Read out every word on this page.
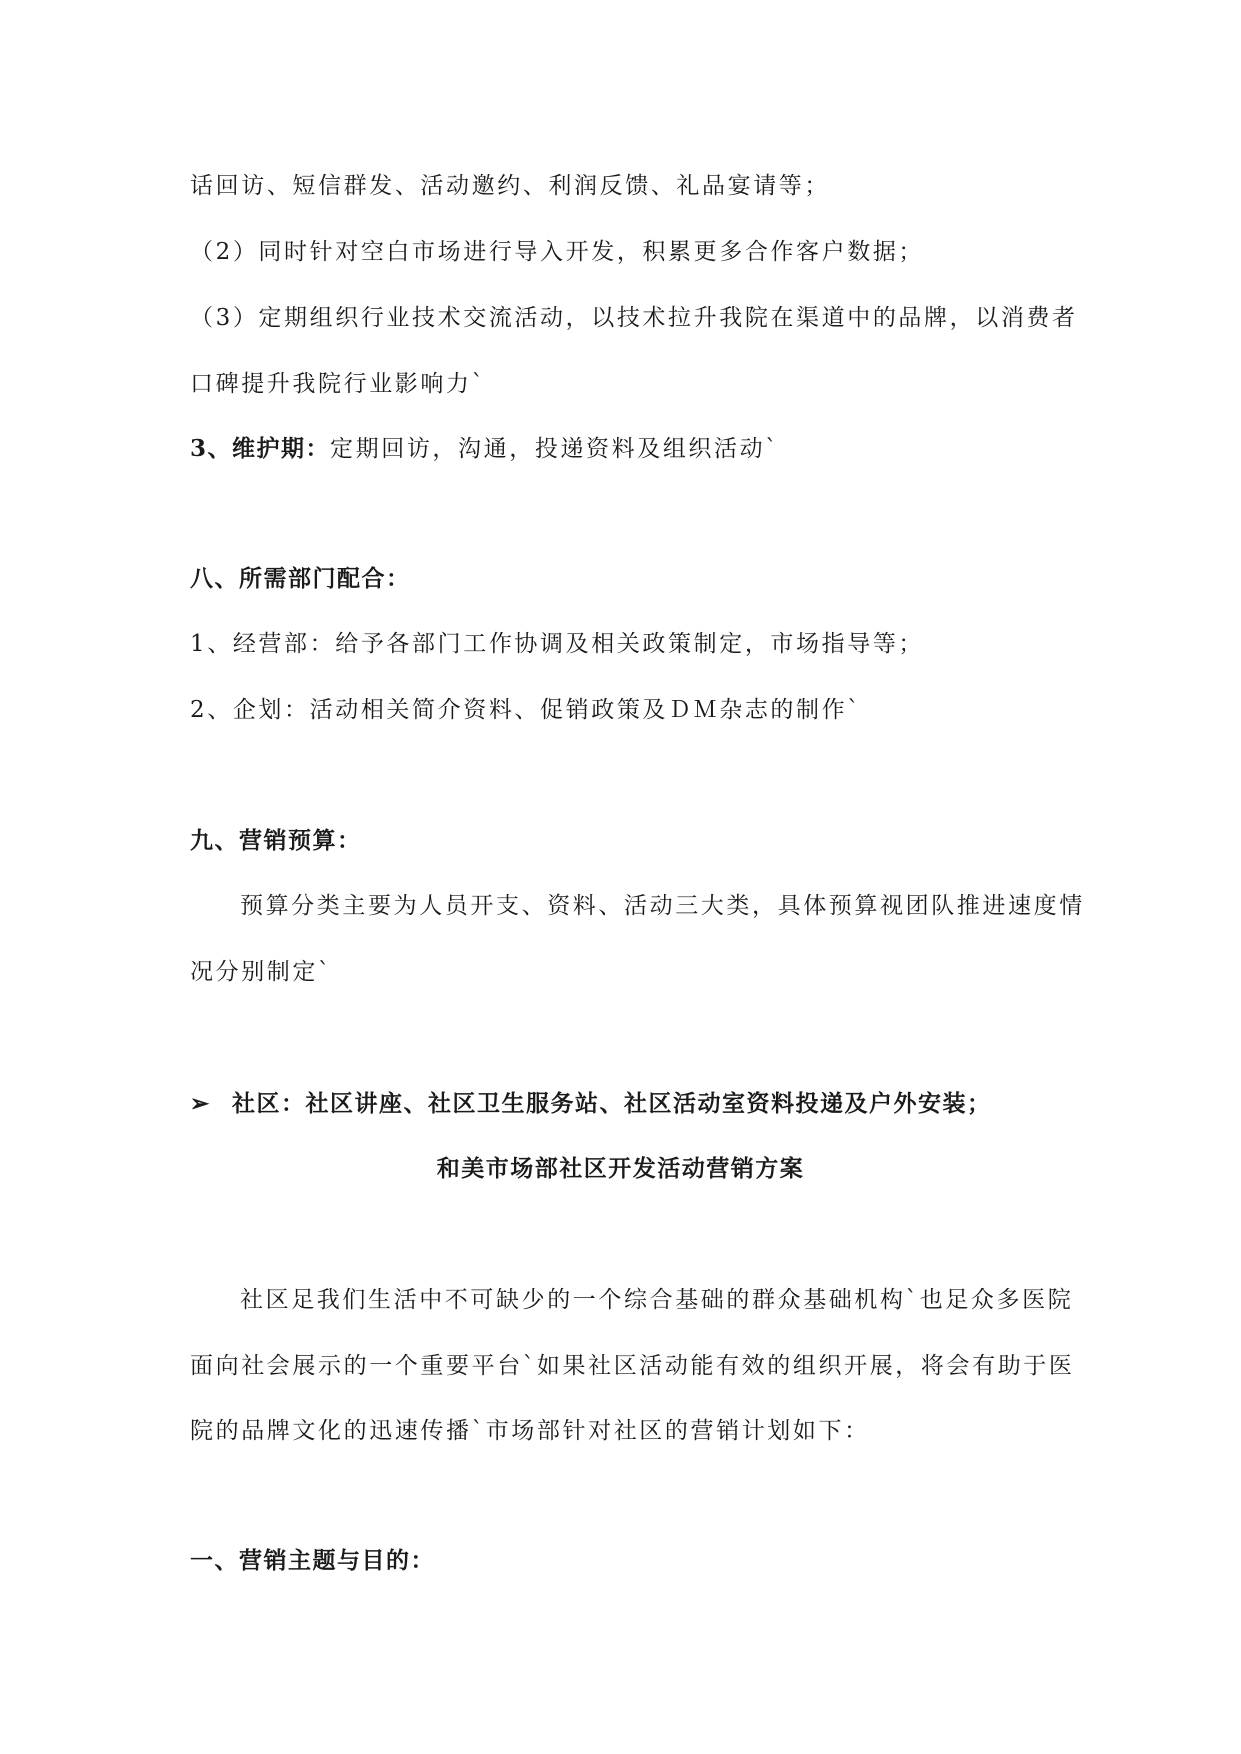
话回访、短信群发、活动邀约、利润反馈、礼品宴请等；
（2）同时针对空白市场进行导入开发，积累更多合作客户数据；
（3）定期组织行业技术交流活动，以技术拉升我院在渠道中的品牌，以消费者
口碑提升我院行业影响力`
3、维护期：定期回访，沟通，投递资料及组织活动`
八、所需部门配合：
1、经营部：给予各部门工作协调及相关政策制定，市场指导等；
2、企划：活动相关简介资料、促销政策及ＤＭ杂志的制作`
九、营销预算：
预算分类主要为人员开支、资料、活动三大类，具体预算视团队推进速度情
况分别制定`
➢ 社区：社区讲座、社区卫生服务站、社区活动室资料投递及户外安装；
和美市场部社区开发活动营销方案
社区足我们生活中不可缺少的一个综合基础的群众基础机构`也足众多医院
面向社会展示的一个重要平台`如果社区活动能有效的组织开展，将会有助于医
院的品牌文化的迅速传播`市场部针对社区的营销计划如下：
一、营销主题与目的：
